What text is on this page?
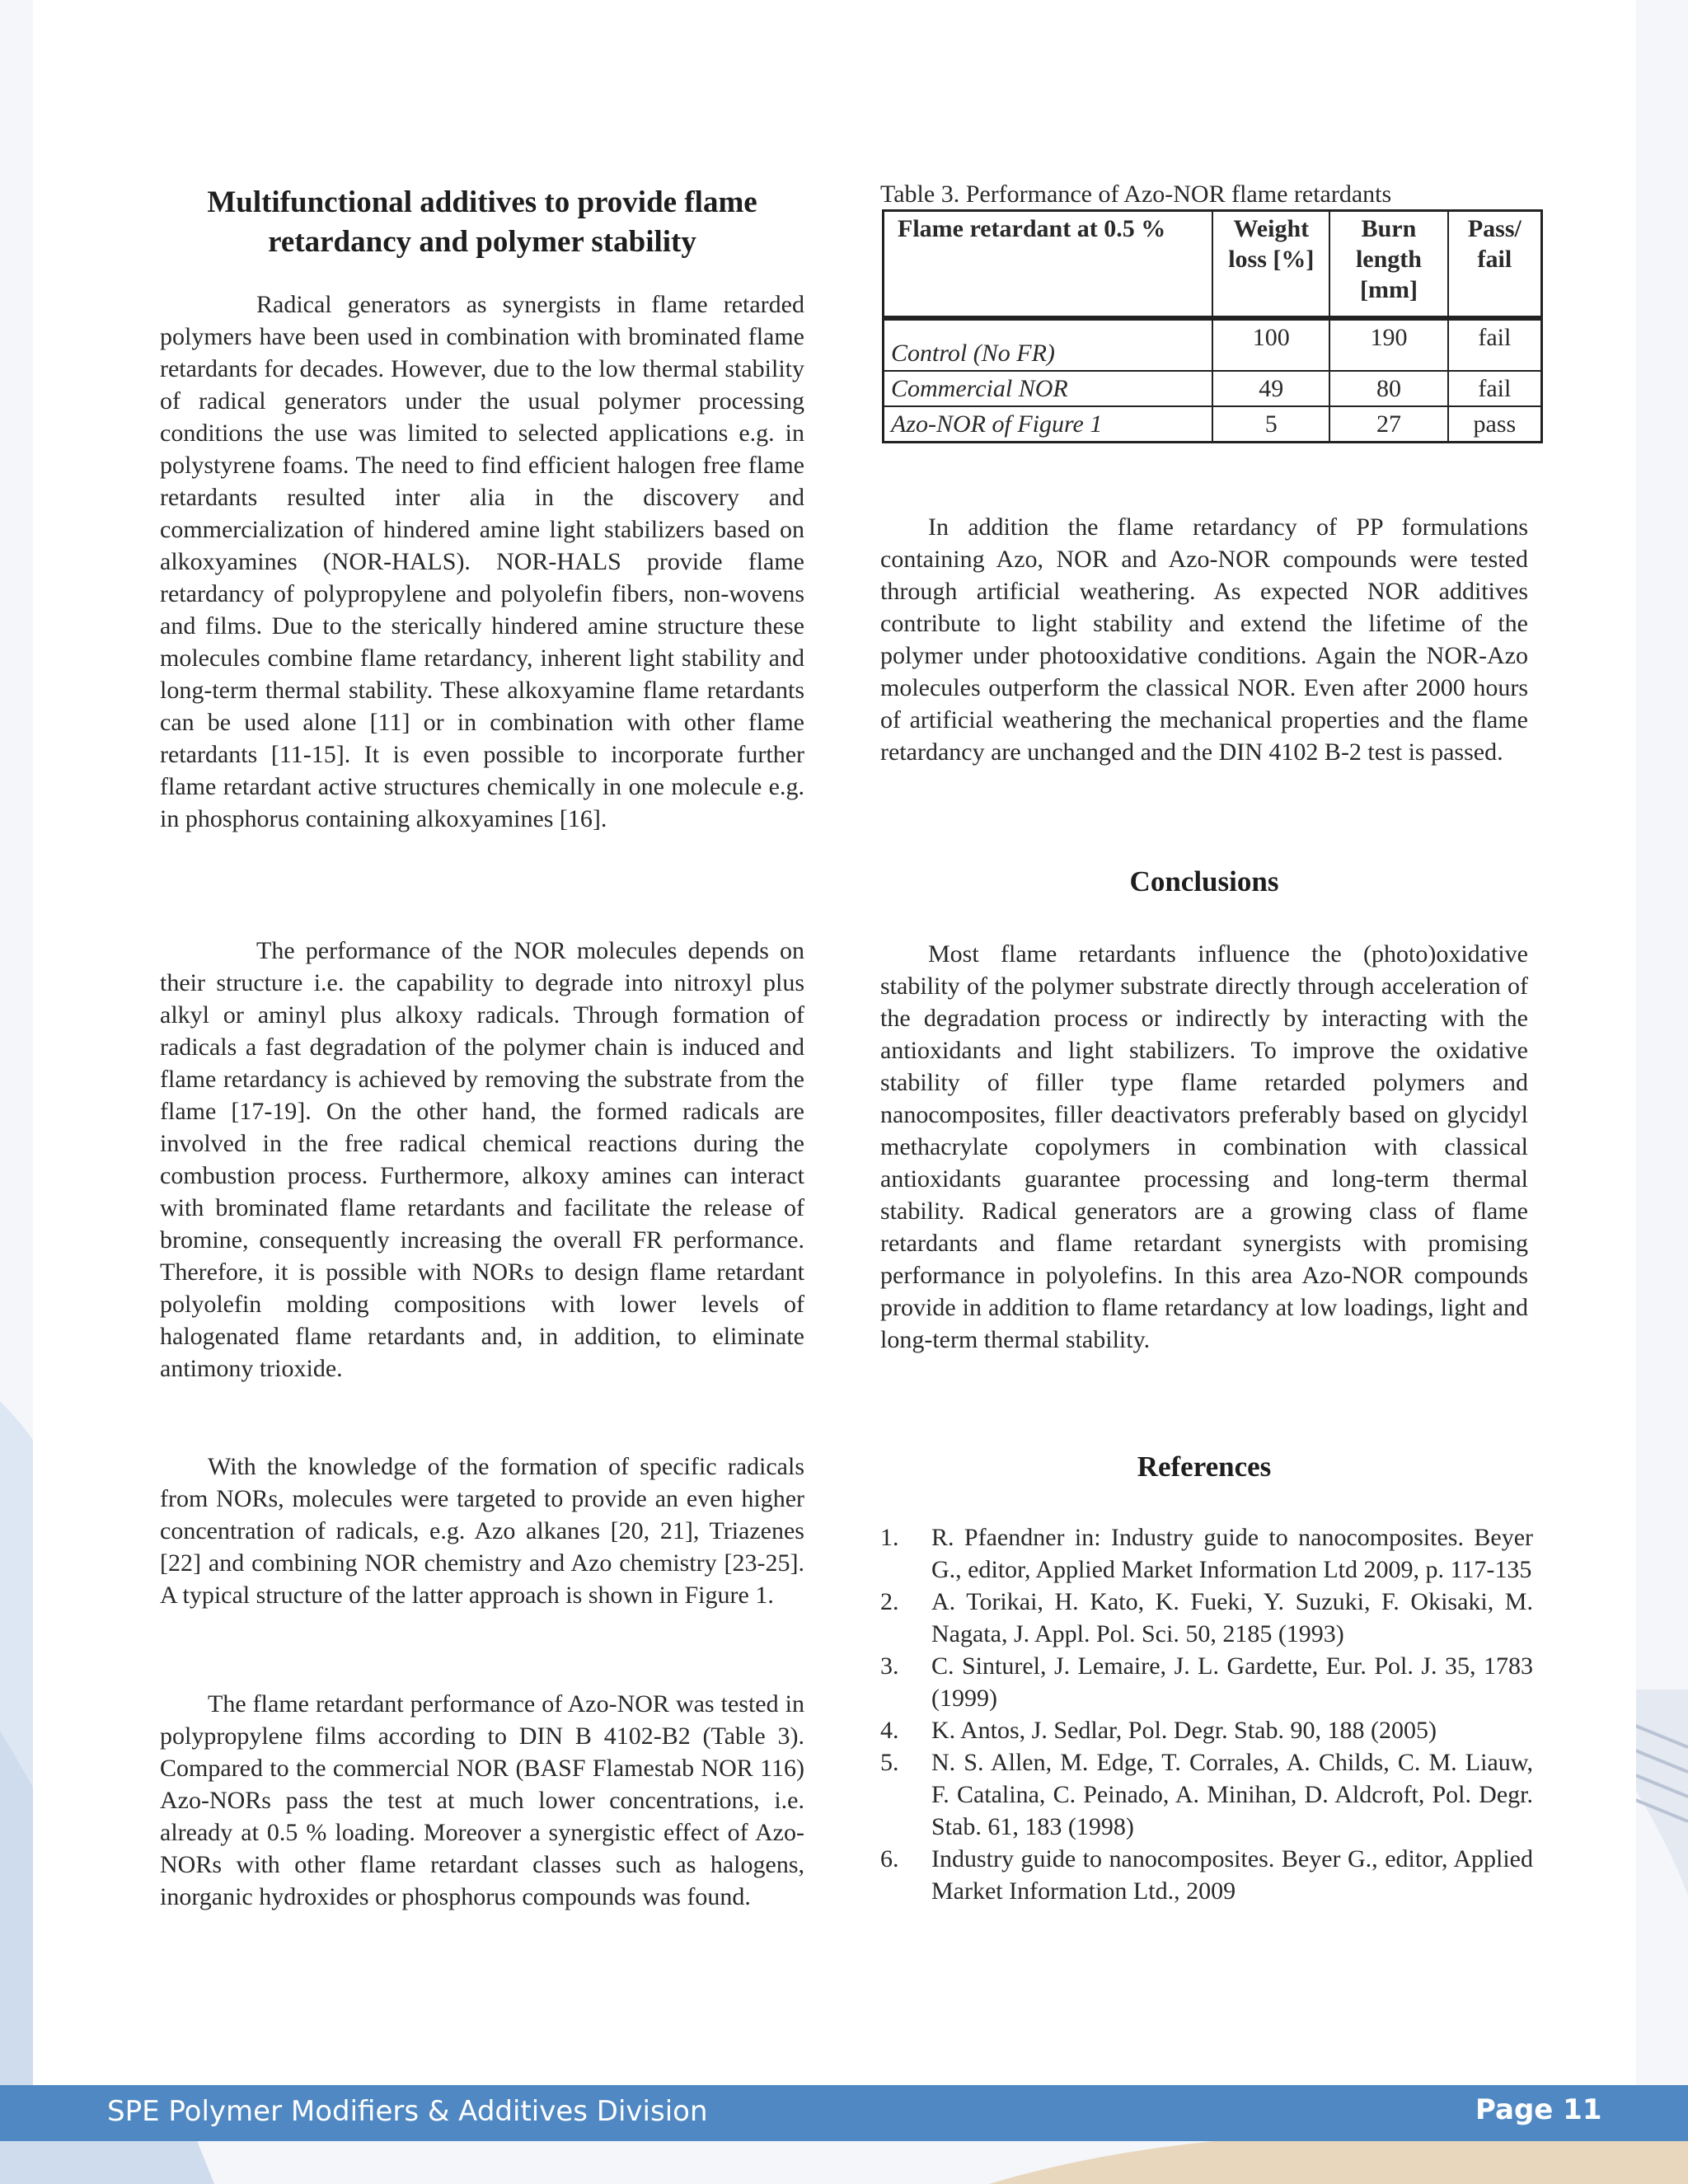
Multifunctional additives to provide flame retardancy and polymer stability

Radical generators as synergists in flame retarded polymers have been used in combination with brominated flame retardants for decades. However, due to the low thermal stability of radical generators under the usual polymer processing conditions the use was limited to selected applications e.g. in polystyrene foams. The need to find efficient halogen free flame retardants resulted inter alia in the discovery and commercialization of hindered amine light stabilizers based on alkoxyamines (NOR-HALS). NOR-HALS provide flame retardancy of polypropylene and polyolefin fibers, non-wovens and films. Due to the sterically hindered amine structure these molecules combine flame retardancy, inherent light stability and long-term thermal stability. These alkoxyamine flame retardants can be used alone [11] or in combination with other flame retardants [11-15]. It is even possible to incorporate further flame retardant active structures chemically in one molecule e.g. in phosphorus containing alkoxyamines [16].

The performance of the NOR molecules depends on their structure i.e. the capability to degrade into nitroxyl plus alkyl or aminyl plus alkoxy radicals. Through formation of radicals a fast degradation of the polymer chain is induced and flame retardancy is achieved by removing the substrate from the flame [17-19]. On the other hand, the formed radicals are involved in the free radical chemical reactions during the combustion process. Furthermore, alkoxy amines can interact with brominated flame retardants and facilitate the release of bromine, consequently increasing the overall FR performance. Therefore, it is possible with NORs to design flame retardant polyolefin molding compositions with lower levels of halogenated flame retardants and, in addition, to eliminate antimony trioxide.

With the knowledge of the formation of specific radicals from NORs, molecules were targeted to provide an even higher concentration of radicals, e.g. Azo alkanes [20, 21], Triazenes [22] and combining NOR chemistry and Azo chemistry [23-25]. A typical structure of the latter approach is shown in Figure 1.

The flame retardant performance of Azo-NOR was tested in polypropylene films according to DIN B 4102-B2 (Table 3). Compared to the commercial NOR (BASF Flamestab NOR 116) Azo-NORs pass the test at much lower concentrations, i.e. already at 0.5 % loading. Moreover a synergistic effect of Azo-NORs with other flame retardant classes such as halogens, inorganic hydroxides or phosphorus compounds was found.

Table 3. Performance of Azo-NOR flame retardants
Flame retardant at 0.5 %	Weight loss [%]	Burn length [mm]	Pass/ fail
Control (No FR)	100	190	fail
Commercial NOR	49	80	fail
Azo-NOR of Figure 1	5	27	pass

In addition the flame retardancy of PP formulations containing Azo, NOR and Azo-NOR compounds were tested through artificial weathering. As expected NOR additives contribute to light stability and extend the lifetime of the polymer under photooxidative conditions. Again the NOR-Azo molecules outperform the classical NOR. Even after 2000 hours of artificial weathering the mechanical properties and the flame retardancy are unchanged and the DIN 4102 B-2 test is passed.

Conclusions

Most flame retardants influence the (photo)oxidative stability of the polymer substrate directly through acceleration of the degradation process or indirectly by interacting with the antioxidants and light stabilizers. To improve the oxidative stability of filler type flame retarded polymers and nanocomposites, filler deactivators preferably based on glycidyl methacrylate copolymers in combination with classical antioxidants guarantee processing and long-term thermal stability. Radical generators are a growing class of flame retardants and flame retardant synergists with promising performance in polyolefins. In this area Azo-NOR compounds provide in addition to flame retardancy at low loadings, light and long-term thermal stability.

References
1. R. Pfaendner in: Industry guide to nanocomposites. Beyer G., editor, Applied Market Information Ltd 2009, p. 117-135
2. A. Torikai, H. Kato, K. Fueki, Y. Suzuki, F. Okisaki, M. Nagata, J. Appl. Pol. Sci. 50, 2185 (1993)
3. C. Sinturel, J. Lemaire, J. L. Gardette, Eur. Pol. J. 35, 1783 (1999)
4. K. Antos, J. Sedlar, Pol. Degr. Stab. 90, 188 (2005)
5. N. S. Allen, M. Edge, T. Corrales, A. Childs, C. M. Liauw, F. Catalina, C. Peinado, A. Minihan, D. Aldcroft, Pol. Degr. Stab. 61, 183 (1998)
6. Industry guide to nanocomposites. Beyer G., editor, Applied Market Information Ltd., 2009
SPE Polymer Modifiers & Additives Division	Page 11
